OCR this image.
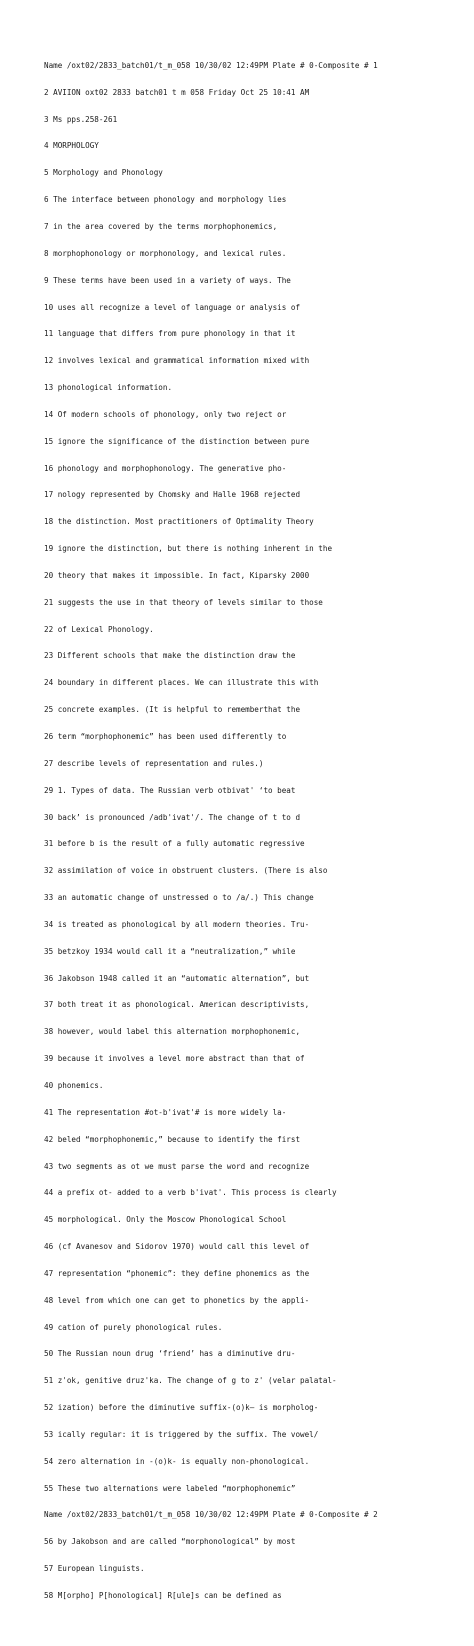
Name /oxt02/2833_batch01/t_m_058 10/30/02 12:49PM Plate # 0-Composite # 1

2 AVIION oxt02 2833 batch01 t m 058 Friday Oct 25 10:41 AM

3 Ms pps.258-261

4 MORPHOLOGY

5 Morphology and Phonology

6 The interface between phonology and morphology lies

7 in the area covered by the terms morphophonemics,

8 morphophonology or morphonology, and lexical rules.

9 These terms have been used in a variety of ways. The

10 uses all recognize a level of language or analysis of

11 language that differs from pure phonology in that it

12 involves lexical and grammatical information mixed with

13 phonological information.

14 Of modern schools of phonology, only two reject or

15 ignore the significance of the distinction between pure

16 phonology and morphophonology. The generative pho-

17 nology represented by Chomsky and Halle 1968 rejected

18 the distinction. Most practitioners of Optimality Theory

19 ignore the distinction, but there is nothing inherent in the

20 theory that makes it impossible. In fact, Kiparsky 2000

21 suggests the use in that theory of levels similar to those

22 of Lexical Phonology.

23 Different schools that make the distinction draw the

24 boundary in different places. We can illustrate this with

25 concrete examples. (It is helpful to rememberthat the

26 term “morphophonemic” has been used differently to

27 describe levels of representation and rules.)

29 1. Types of data. The Russian verb otbivat' ‘to beat

30 back’ is pronounced /adb'ivat'/. The change of t to d

31 before b is the result of a fully automatic regressive

32 assimilation of voice in obstruent clusters. (There is also

33 an automatic change of unstressed o to /a/.) This change

34 is treated as phonological by all modern theories. Tru-

35 betzkoy 1934 would call it a “neutralization,” while

36 Jakobson 1948 called it an “automatic alternation”, but

37 both treat it as phonological. American descriptivists,

38 however, would label this alternation morphophonemic,

39 because it involves a level more abstract than that of

40 phonemics.

41 The representation #ot-b'ivat'# is more widely la-

42 beled “morphophonemic,” because to identify the first

43 two segments as ot we must parse the word and recognize

44 a prefix ot- added to a verb b'ivat'. This process is clearly

45 morphological. Only the Moscow Phonological School

46 (cf Avanesov and Sidorov 1970) would call this level of

47 representation “phonemic”: they define phonemics as the

48 level from which one can get to phonetics by the appli-

49 cation of purely phonological rules.

50 The Russian noun drug ‘friend’ has a diminutive dru-

51 z'ok, genitive druz'ka. The change of g to z' (velar palatal-

52 ization) before the diminutive suffix-(o)k— is morpholog-

53 ically regular: it is triggered by the suffix. The vowel/

54 zero alternation in -(o)k- is equally non-phonological.

55 These two alternations were labeled “morphophonemic”

Name /oxt02/2833_batch01/t_m_058 10/30/02 12:49PM Plate # 0-Composite # 2

56 by Jakobson and are called “morphonological” by most

57 European linguists.

58 M[orpho] P[honological] R[ule]s can be defined as
